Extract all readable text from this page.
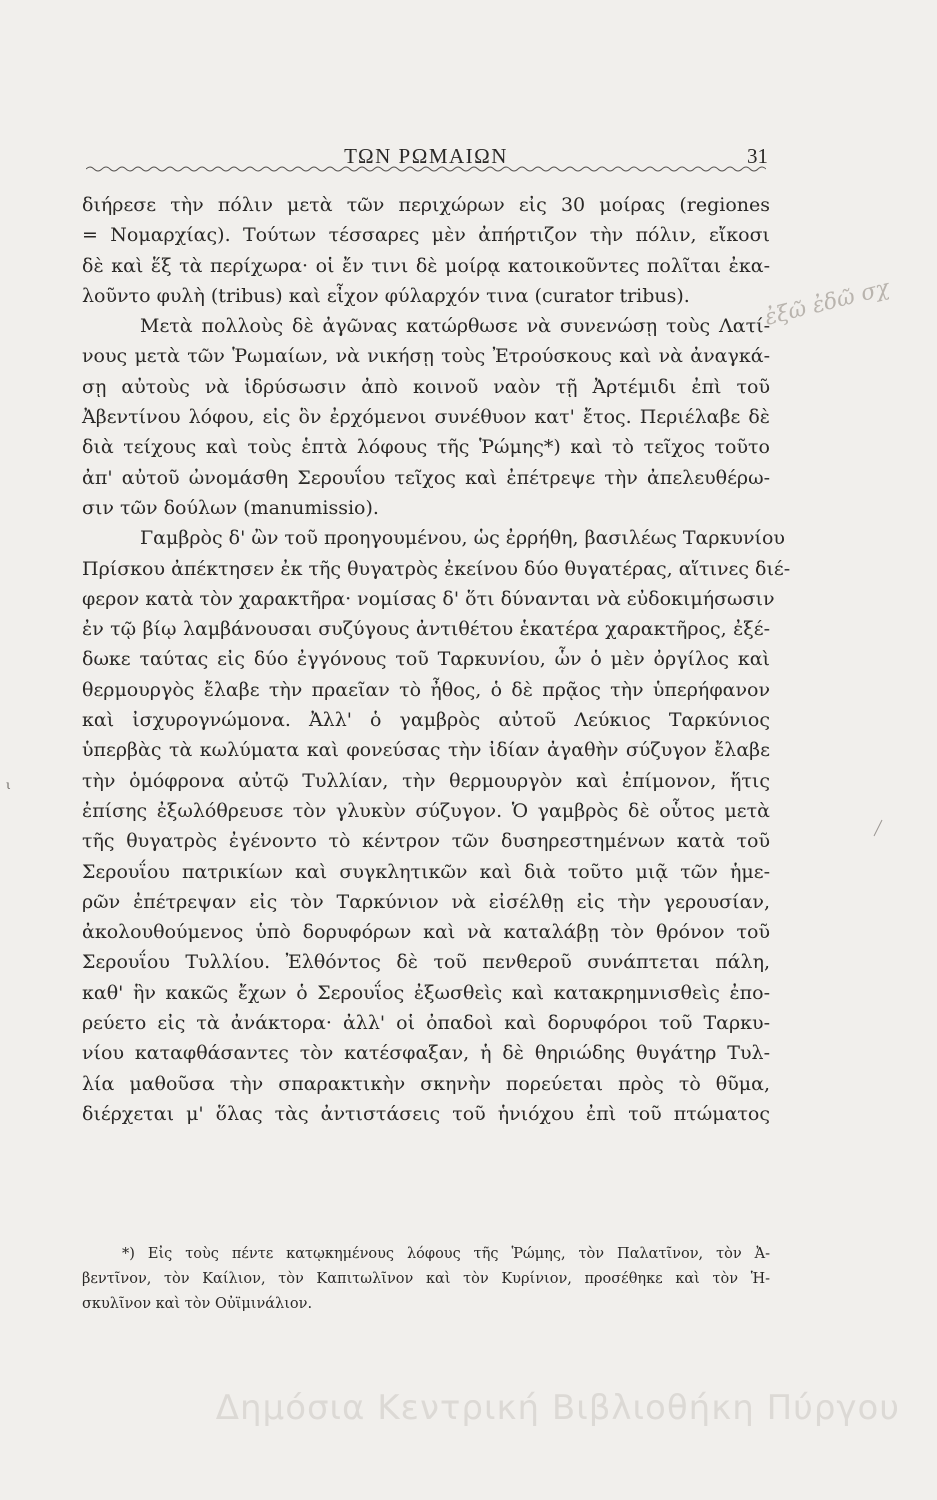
ΤΩΝ ΡΩΜΑΙΩΝ	31
διήρεσε τὴν πόλιν μετὰ τῶν περιχώρων εἰς 30 μοίρας (regiones
= Νομαρχίας). Τούτων τέσσαρες μὲν ἀπήρτιζον τὴν πόλιν, εἴκοσι
δὲ καὶ ἕξ τὰ περίχωρα· οἱ ἔν τινι δὲ μοίρᾳ κατοικοῦντες πολῖται ἐκα-
λοῦντο φυλὴ (tribus) καὶ εἶχον φύλαρχόν τινα (curator tribus).
Μετὰ πολλοὺς δὲ ἀγῶνας κατώρθωσε νὰ συνενώσῃ τοὺς Λατί-
νους μετὰ τῶν Ῥωμαίων, νὰ νικήσῃ τοὺς Ἐτρούσκους καὶ νὰ ἀναγκά-
σῃ αὐτοὺς νὰ ἱδρύσωσιν ἀπὸ κοινοῦ ναὸν τῇ Ἀρτέμιδι ἐπὶ τοῦ
Ἀβεντίνου λόφου, εἰς ὃν ἐρχόμενοι συνέθυον κατ' ἔτος. Περιέλαβε δὲ
διὰ τείχους καὶ τοὺς ἑπτὰ λόφους τῆς Ῥώμης*) καὶ τὸ τεῖχος τοῦτο
ἀπ' αὐτοῦ ὠνομάσθη Σερουΐου τεῖχος καὶ ἐπέτρεψε τὴν ἀπελευθέρω-
σιν τῶν δούλων (manumissio).
Γαμβρὸς δ' ὢν τοῦ προηγουμένου, ὡς ἐρρήθη, βασιλέως Ταρκυνίου
Πρίσκου ἀπέκτησεν ἐκ τῆς θυγατρὸς ἐκείνου δύο θυγατέρας, αἵτινες διέ-
φερον κατὰ τὸν χαρακτῆρα· νομίσας δ' ὅτι δύνανται νὰ εὐδοκιμήσωσιν
ἐν τῷ βίῳ λαμβάνουσαι συζύγους ἀντιθέτου ἑκατέρα χαρακτῆρος, ἐξέ-
δωκε ταύτας εἰς δύο ἐγγόνους τοῦ Ταρκυνίου, ὧν ὁ μὲν ὀργίλος καὶ
θερμουργὸς ἔλαβε τὴν πραεῖαν τὸ ἦθος, ὁ δὲ πρᾷος τὴν ὑπερήφανον
καὶ ἰσχυρογνώμονα. Ἀλλ' ὁ γαμβρὸς αὐτοῦ Λεύκιος Ταρκύνιος
ὑπερβὰς τὰ κωλύματα καὶ φονεύσας τὴν ἰδίαν ἀγαθὴν σύζυγον ἔλαβε
τὴν ὁμόφρονα αὐτῷ Τυλλίαν, τὴν θερμουργὸν καὶ ἐπίμονον, ἥτις
ἐπίσης ἐξωλόθρευσε τὸν γλυκὺν σύζυγον. Ὁ γαμβρὸς δὲ οὗτος μετὰ
τῆς θυγατρὸς ἐγένοντο τὸ κέντρον τῶν δυσηρεστημένων κατὰ τοῦ
Σερουΐου πατρικίων καὶ συγκλητικῶν καὶ διὰ τοῦτο μιᾷ τῶν ἡμε-
ρῶν ἐπέτρεψαν εἰς τὸν Ταρκύνιον νὰ εἰσέλθῃ εἰς τὴν γερουσίαν,
ἀκολουθούμενος ὑπὸ δορυφόρων καὶ νὰ καταλάβῃ τὸν θρόνον τοῦ
Σερουΐου Τυλλίου. Ἐλθόντος δὲ τοῦ πενθεροῦ συνάπτεται πάλη,
καθ' ἣν κακῶς ἔχων ὁ Σερουΐος ἐξωσθεὶς καὶ κατακρημνισθεὶς ἐπο-
ρεύετο εἰς τὰ ἀνάκτορα· ἀλλ' οἱ ὀπαδοὶ καὶ δορυφόροι τοῦ Ταρκυ-
νίου καταφθάσαντες τὸν κατέσφαξαν, ἡ δὲ θηριώδης θυγάτηρ Τυλ-
λία μαθοῦσα τὴν σπαρακτικὴν σκηνὴν πορεύεται πρὸς τὸ θῦμα,
διέρχεται μ' ὅλας τὰς ἀντιστάσεις τοῦ ἡνιόχου ἐπὶ τοῦ πτώματος
ἐξῶ ἐδῶ σχ
ι
*) Εἰς τοὺς πέντε κατῳκημένους λόφους τῆς Ῥώμης, τὸν Παλατῖνον, τὸν Ἀ-
βεντῖνον, τὸν Καίλιον, τὸν Καπιτωλῖνον καὶ τὸν Κυρίνιον, προσέθηκε καὶ τὸν Ἡ-
σκυλῖνον καὶ τὸν Οὐϊμινάλιον.
Δημόσια Κεντρική Βιβλιοθήκη Πύργου
